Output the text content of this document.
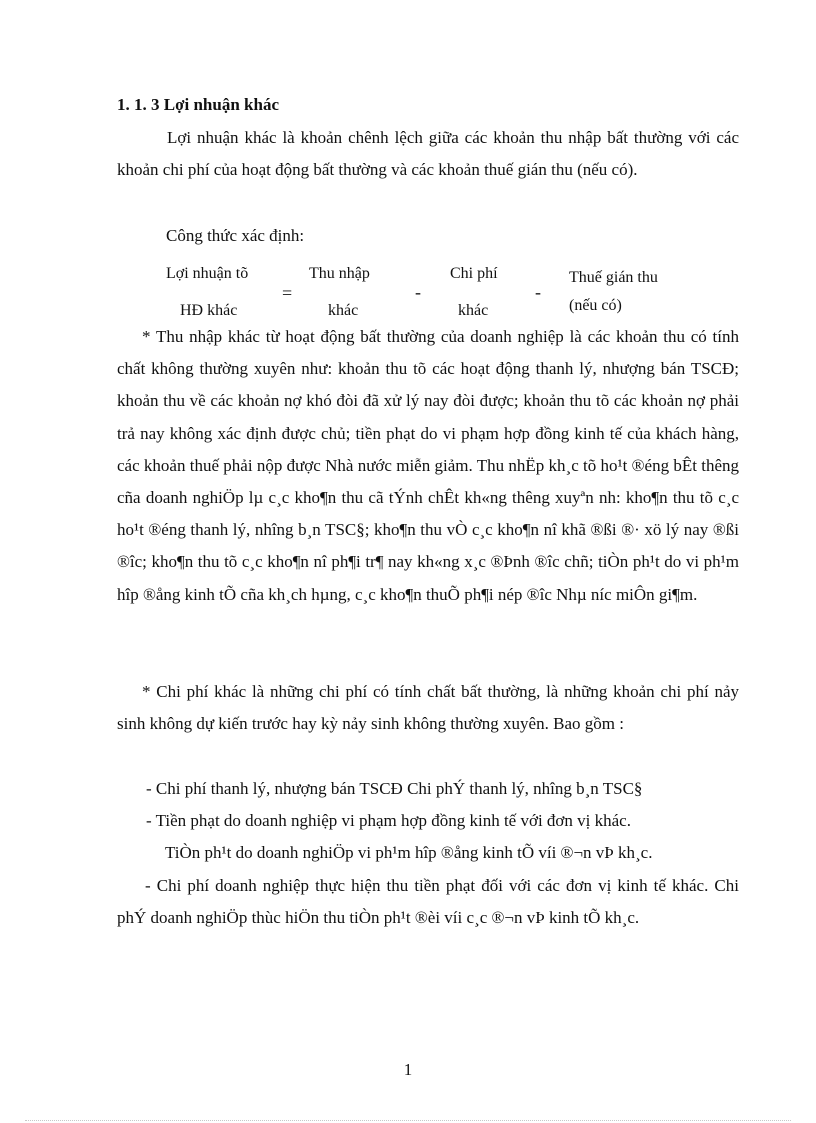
1. 1. 3 Lợi nhuận khác
Lợi nhuận khác là khoản chênh lệch giữa các khoản thu nhập bất thường với các khoản chi phí của hoạt động bất thường và các khoản thuế gián thu (nếu có).
Công thức xác định:
Lợi nhuận tõ
HĐ khác
=
Thu nhập
khác
-
Chi phí
khác
-
Thuế gián thu
(nếu có)
* Thu nhập khác từ hoạt động bất thường của doanh nghiệp là các khoản thu có tính chất không thường xuyên như: khoản thu tõ các hoạt động thanh lý, nhượng bán TSCĐ; khoản thu về các khoản nợ khó đòi đã xử lý nay đòi được; khoản thu tõ các khoản nợ phải trả nay không xác định được chủ; tiền phạt do vi phạm hợp đồng kinh tế của khách hàng, các khoản thuế phải nộp được Nhà nước miễn giảm. Thu nhËp kh¸c tõ ho¹t ®éng bÊt thêng cña doanh nghiÖp lµ c¸c kho¶n thu cã tÝnh chÊt kh«ng thêng xuyªn nh: kho¶n thu tõ c¸c ho¹t ®éng thanh lý, nhîng b¸n TSC§; kho¶n thu vÒ c¸c kho¶n nî khã ®ßi ®· xö lý nay ®ßi ®îc; kho¶n thu tõ c¸c kho¶n nî ph¶i tr¶ nay kh«ng x¸c ®Þnh ®îc chñ; tiÒn ph¹t do vi ph¹m hîp ®ång kinh tÕ cña kh¸ch hµng, c¸c kho¶n thuÕ ph¶i nép ®îc Nhµ níc miÔn gi¶m.
* Chi phí khác là những chi phí có tính chất bất thường, là những khoản chi phí nảy sinh không dự kiến trước hay kỳ nảy sinh không thường xuyên. Bao gồm :
- Chi phí thanh lý, nhượng bán TSCĐ Chi phÝ thanh lý, nhîng b¸n TSC§
- Tiền phạt do doanh nghiệp vi phạm hợp đồng kinh tế với đơn vị khác.
TiÒn ph¹t do doanh nghiÖp vi ph¹m hîp ®ång kinh tÕ víi ®¬n vÞ kh¸c.
- Chi phí doanh nghiệp thực hiện thu tiền phạt đối với các đơn vị kinh tế khác. Chi phÝ doanh nghiÖp thùc hiÖn thu tiÒn ph¹t ®èi víi c¸c ®¬n vÞ kinh tÕ kh¸c.
1
